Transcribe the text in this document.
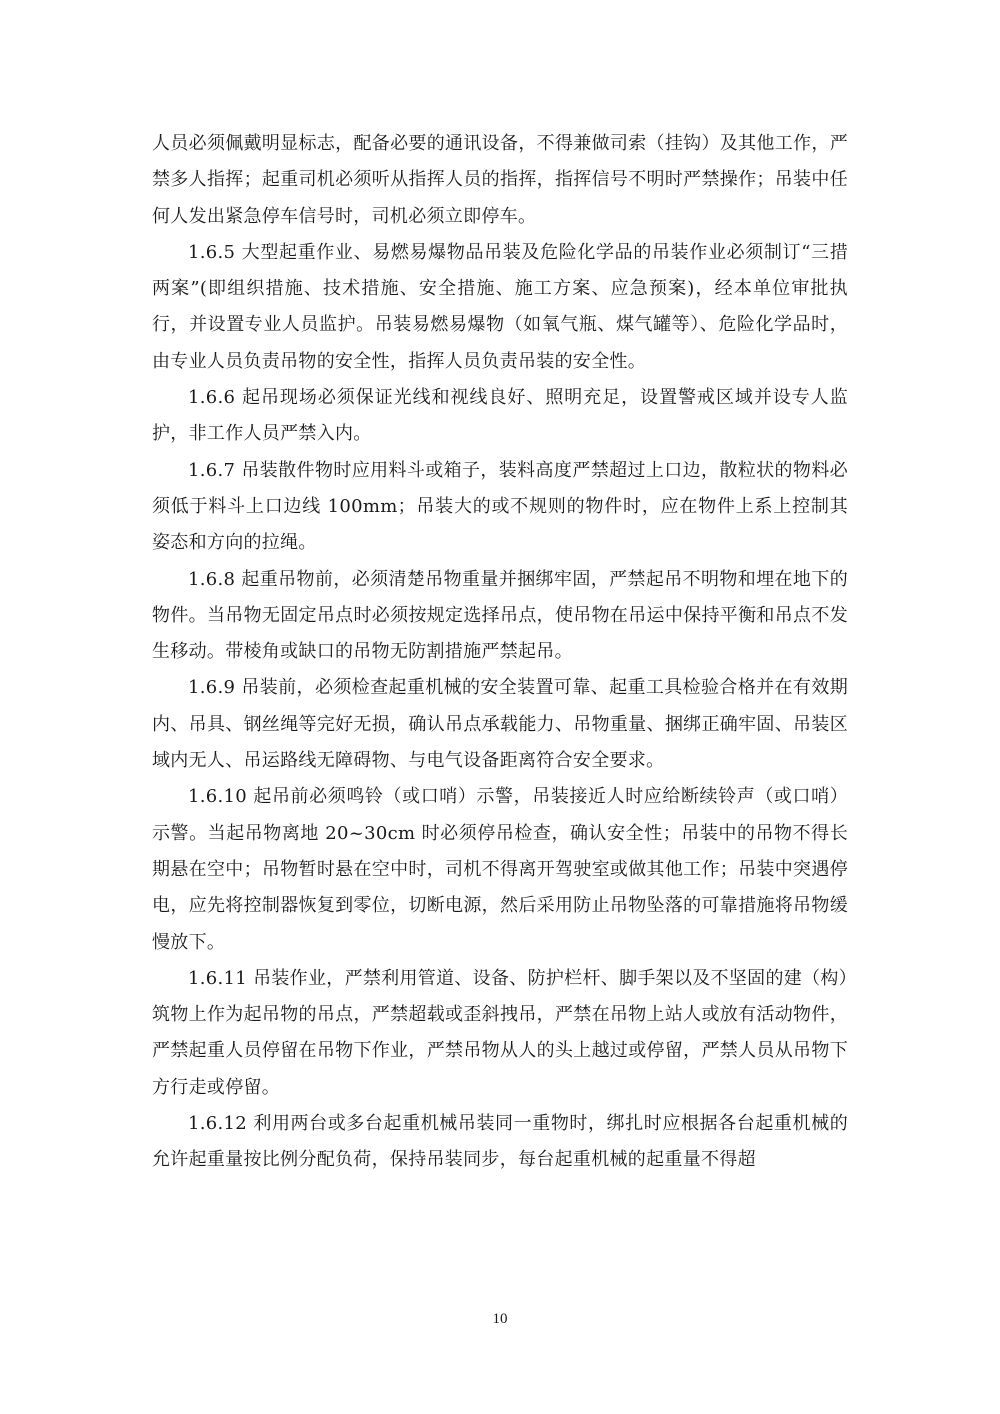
人员必须佩戴明显标志，配备必要的通讯设备，不得兼做司索（挂钩）及其他工作，严禁多人指挥；起重司机必须听从指挥人员的指挥，指挥信号不明时严禁操作；吊装中任何人发出紧急停车信号时，司机必须立即停车。

1.6.5 大型起重作业、易燃易爆物品吊装及危险化学品的吊装作业必须制订“三措两案”(即组织措施、技术措施、安全措施、施工方案、应急预案)，经本单位审批执行，并设置专业人员监护。吊装易燃易爆物（如氧气瓶、煤气罐等）、危险化学品时，由专业人员负责吊物的安全性，指挥人员负责吊装的安全性。

1.6.6 起吊现场必须保证光线和视线良好、照明充足，设置警戒区域并设专人监护，非工作人员严禁入内。

1.6.7 吊装散件物时应用料斗或箱子，装料高度严禁超过上口边，散粒状的物料必须低于料斗上口边线 100mm；吊装大的或不规则的物件时，应在物件上系上控制其姿态和方向的拉绳。

1.6.8 起重吊物前，必须清楚吊物重量并捆绑牢固，严禁起吊不明物和埋在地下的物件。当吊物无固定吊点时必须按规定选择吊点，使吊物在吊运中保持平衡和吊点不发生移动。带棱角或缺口的吊物无防割措施严禁起吊。

1.6.9 吊装前，必须检查起重机械的安全装置可靠、起重工具检验合格并在有效期内、吊具、钢丝绳等完好无损，确认吊点承载能力、吊物重量、捆绑正确牢固、吊装区域内无人、吊运路线无障碍物、与电气设备距离符合安全要求。

1.6.10 起吊前必须鸣铃（或口哨）示警，吊装接近人时应给断续铃声（或口哨）示警。当起吊物离地 20~30cm 时必须停吊检查，确认安全性；吊装中的吊物不得长期悬在空中；吊物暂时悬在空中时，司机不得离开驾驶室或做其他工作；吊装中突遇停电，应先将控制器恢复到零位，切断电源，然后采用防止吊物坠落的可靠措施将吊物缓慢放下。

1.6.11 吊装作业，严禁利用管道、设备、防护栏杆、脚手架以及不坚固的建（构）筑物上作为起吊物的吊点，严禁超载或歪斜拽吊，严禁在吊物上站人或放有活动物件，严禁起重人员停留在吊物下作业，严禁吊物从人的头上越过或停留，严禁人员从吊物下方行走或停留。

1.6.12 利用两台或多台起重机械吊装同一重物时，绑扎时应根据各台起重机械的允许起重量按比例分配负荷，保持吊装同步，每台起重机械的起重量不得超

10
